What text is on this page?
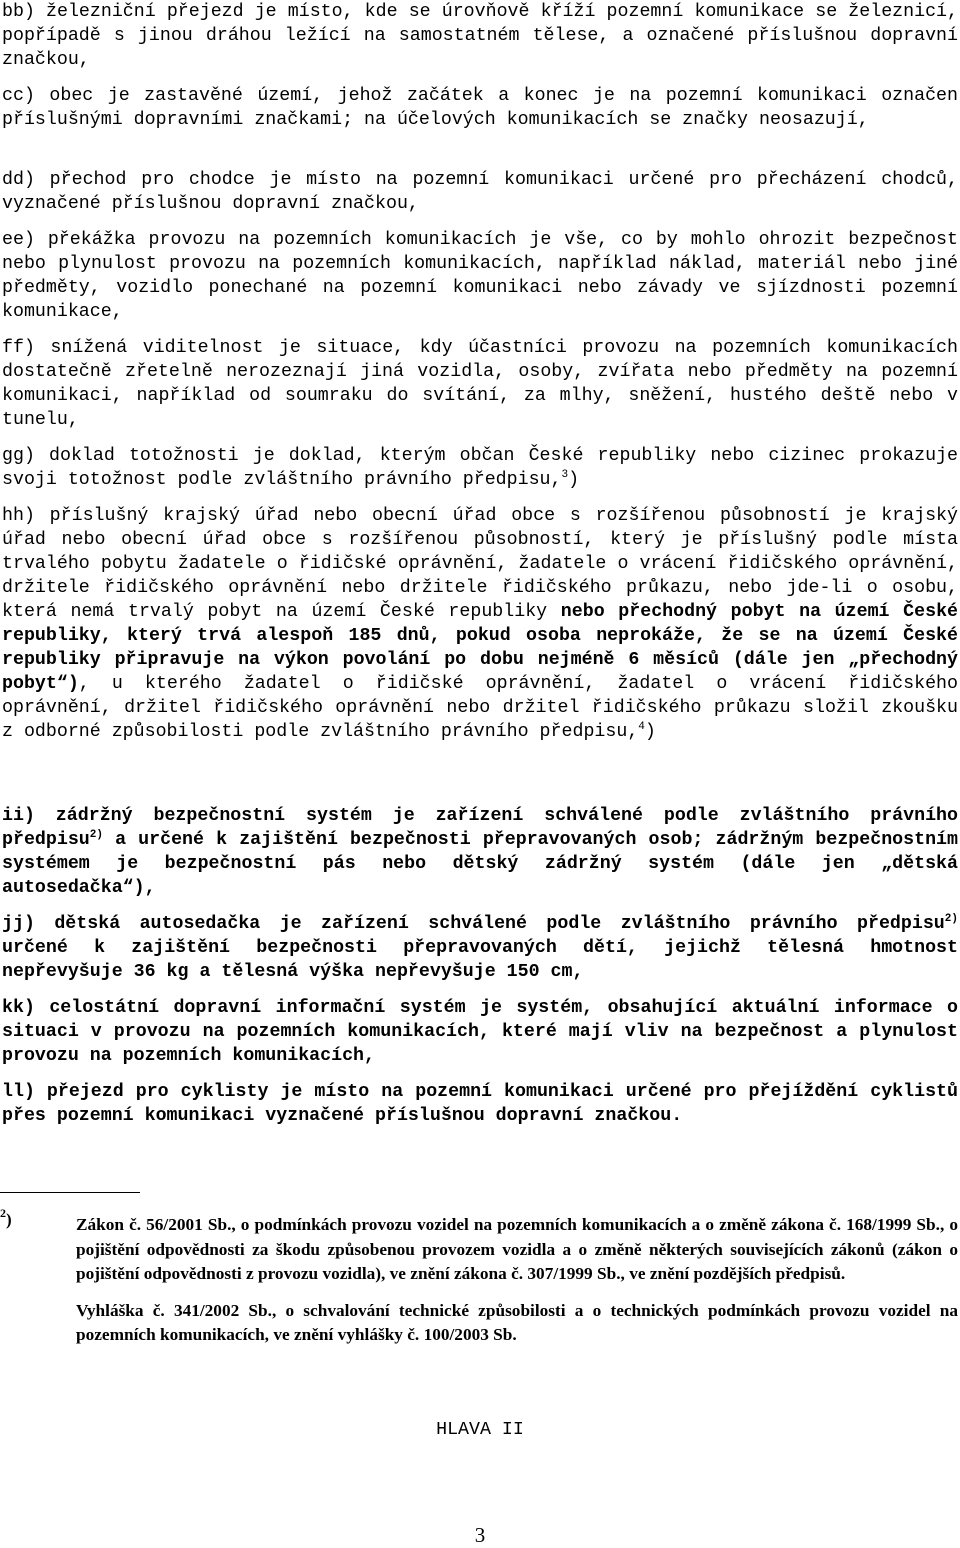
bb) železniční přejezd je místo, kde se úrovňově kříží pozemní komunikace se železnicí, popřípadě s jinou dráhou ležící na samostatném tělese, a označené příslušnou dopravní značkou,

cc) obec je zastavěné území, jehož začátek a konec je na pozemní komunikaci označen příslušnými dopravními značkami; na účelových komunikacích se značky neosazují,

dd) přechod pro chodce je místo na pozemní komunikaci určené pro přecházení chodců, vyznačené příslušnou dopravní značkou,

ee) překážka provozu na pozemních komunikacích je vše, co by mohlo ohrozit bezpečnost nebo plynulost provozu na pozemních komunikacích, například náklad, materiál nebo jiné předměty, vozidlo ponechané na pozemní komunikaci nebo závady ve sjízdnosti pozemní komunikace,

ff) snížená viditelnost je situace, kdy účastníci provozu na pozemních komunikacích dostatečně zřetelně nerozeznají jiná vozidla, osoby, zvířata nebo předměty na pozemní komunikaci, například od soumraku do svítání, za mlhy, sněžení, hustého deště nebo v tunelu,

gg) doklad totožnosti je doklad, kterým občan České republiky nebo cizinec prokazuje svoji totožnost podle zvláštního právního předpisu,$^3$)

hh) příslušný krajský úřad nebo obecní úřad obce s rozšířenou působností je krajský úřad nebo obecní úřad obce s rozšířenou působností, který je příslušný podle místa trvalého pobytu žadatele o řidičské oprávnění, žadatele o vrácení řidičského oprávnění, držitele řidičského oprávnění nebo držitele řidičského průkazu, nebo jde-li o osobu, která nemá trvalý pobyt na území České republiky nebo přechodný pobyt na území České republiky, který trvá alespoň 185 dnů, pokud osoba neprokáže, že se na území České republiky připravuje na výkon povolání po dobu nejméně 6 měsíců (dále jen „přechodný pobyt“), u kterého žadatel o řidičské oprávnění, žadatel o vrácení řidičského oprávnění, držitel řidičského oprávnění nebo držitel řidičského průkazu složil zkoušku z odborné způsobilosti podle zvláštního právního předpisu,$^4$)

ii) zádržný bezpečnostní systém je zařízení schválené podle zvláštního právního předpisu$^{2)}$ a určené k zajištění bezpečnosti přepravovaných osob; zádržným bezpečnostním systémem je bezpečnostní pás nebo dětský zádržný systém (dále jen „dětská autosedačka“),

jj) dětská autosedačka je zařízení schválené podle zvláštního právního předpisu$^{2)}$ určené k zajištění bezpečnosti přepravovaných dětí, jejichž tělesná hmotnost nepřevyšuje 36 kg a tělesná výška nepřevyšuje 150 cm,

kk) celostátní dopravní informační systém je systém, obsahující aktuální informace o situaci v provozu na pozemních komunikacích, které mají vliv na bezpečnost a plynulost provozu na pozemních komunikacích,

ll) přejezd pro cyklisty je místo na pozemní komunikaci určené pro přejíždění cyklistů přes pozemní komunikaci vyznačené příslušnou dopravní značkou.

$^2$)	Zákon č. 56/2001 Sb., o podmínkách provozu vozidel na pozemních komunikacích a o změně zákona č. 168/1999 Sb., o pojištění odpovědnosti za škodu způsobenou provozem vozidla a o změně některých souvisejících zákonů (zákon o pojištění odpovědnosti z provozu vozidla), ve znění zákona č. 307/1999 Sb., ve znění pozdějších předpisů.

Vyhláška č. 341/2002 Sb., o schvalování technické způsobilosti a o technických podmínkách provozu vozidel na pozemních komunikacích, ve znění vyhlášky č. 100/2003 Sb.

HLAVA II
3
